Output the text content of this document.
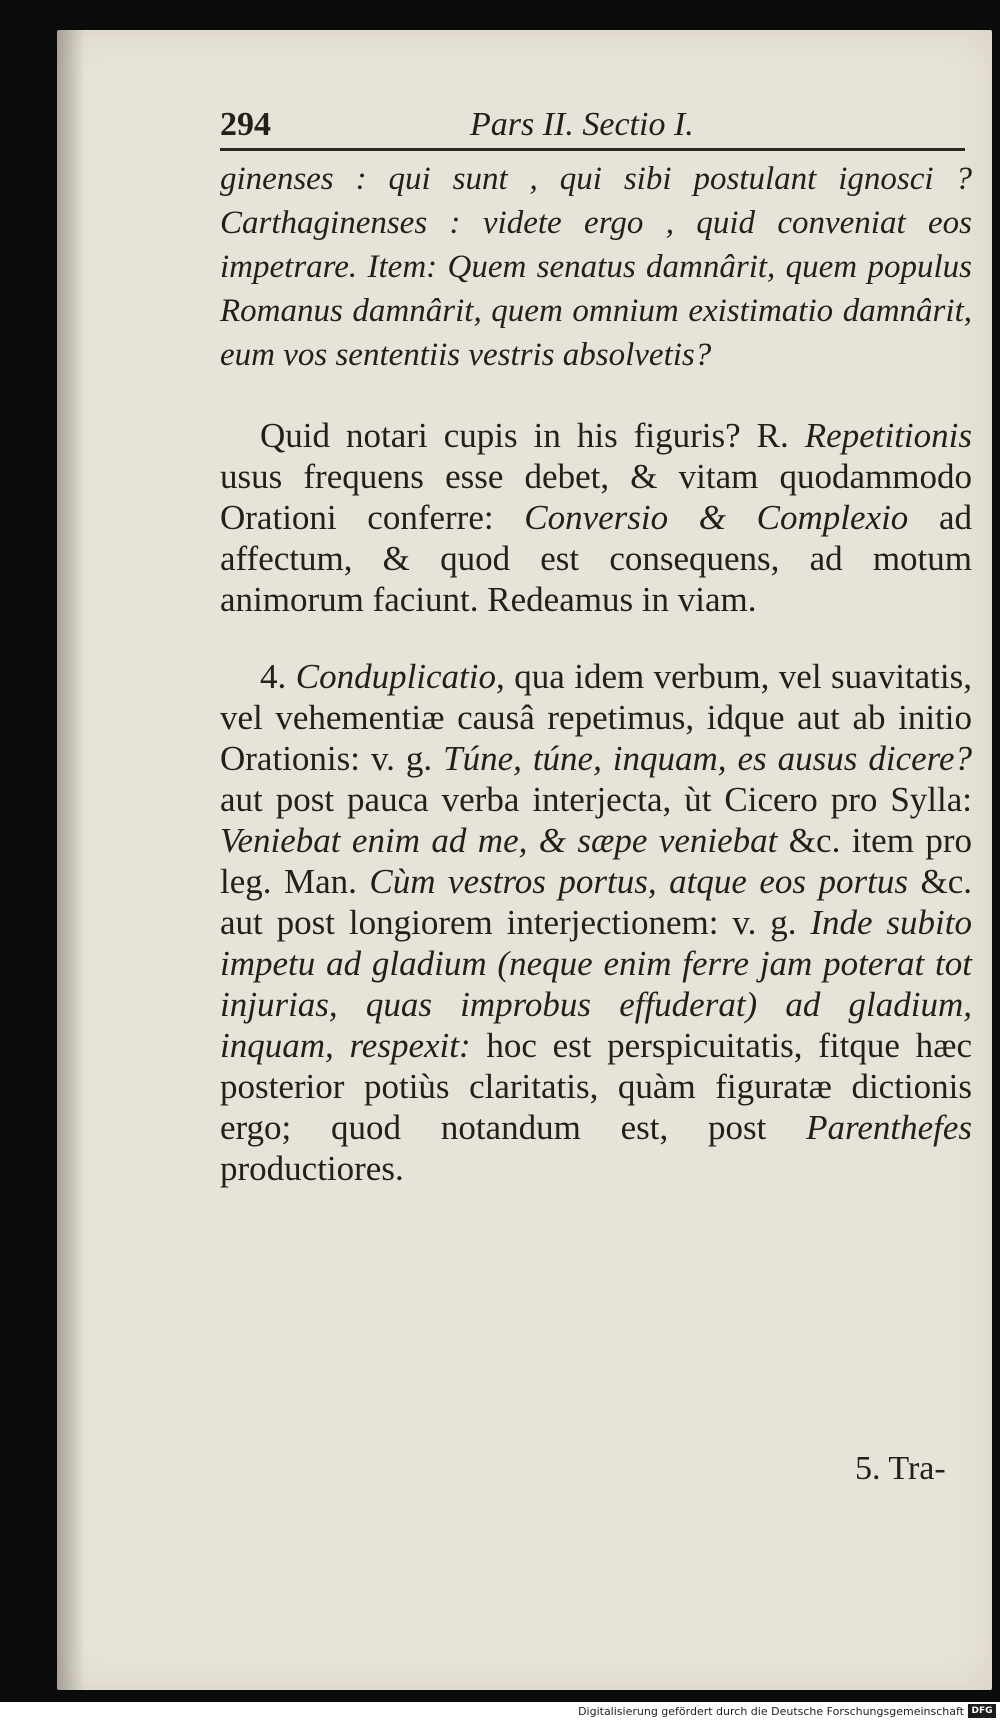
294	Pars II. Sectio I.

ginenses : qui sunt , qui sibi postulant ignosci ? Carthaginenses : videte ergo , quid conveniat eos impetrare. Item: Quem senatus damnârit, quem populus Romanus damnârit, quem omnium existimatio damnârit, eum vos sententiis vestris absolvetis?

Quid notari cupis in his figuris? R. Repetitionis usus frequens esse debet, & vitam quodammodo Orationi conferre: Conversio & Complexio ad affectum, & quod est consequens, ad motum animorum faciunt. Redeamus in viam.

4. Conduplicatio, qua idem verbum, vel suavitatis, vel vehementiæ causâ repetimus, idque aut ab initio Orationis: v. g. Túne, túne, inquam, es ausus dicere? aut post pauca verba interjecta, ùt Cicero pro Sylla: Veniebat enim ad me, & sæpe veniebat &c. item pro leg. Man. Cùm vestros portus, atque eos portus &c. aut post longiorem interjectionem: v. g. Inde subito impetu ad gladium (neque enim ferre jam poterat tot injurias, quas improbus effuderat) ad gladium, inquam, respexit: hoc est perspicuitatis, fitque hæc posterior potiùs claritatis, quàm figuratæ dictionis ergo; quod notandum est, post Parenthefes productiores.

5. Tra-
Digitalisierung gefördert durch die Deutsche Forschungsgemeinschaft DFG
